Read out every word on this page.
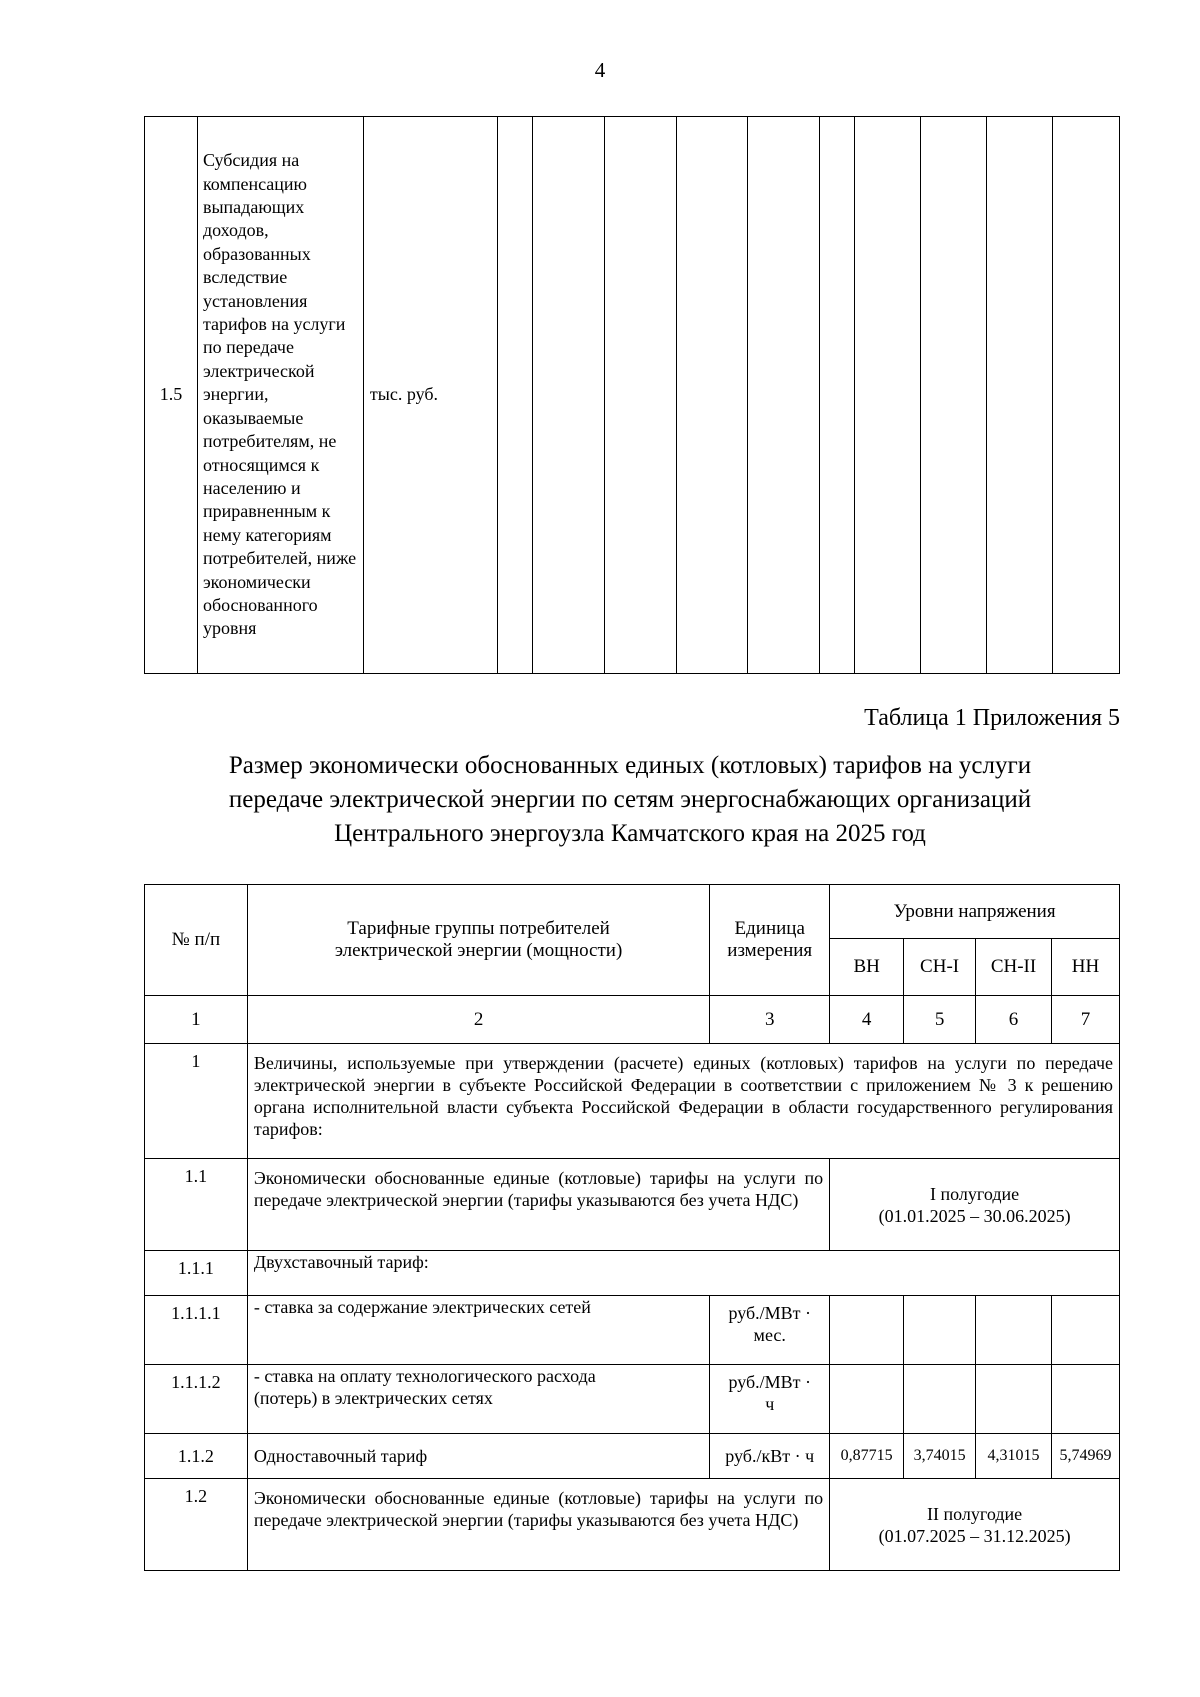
4
1.5	Субсидия на компенсацию выпадающих доходов, образованных вследствие установления тарифов на услуги по передаче электрической энергии, оказываемые потребителям, не относящимся к населению и приравненным к нему категориям потребителей, ниже экономически обоснованного уровня	тыс. руб.										
Таблица 1 Приложения 5
Размер экономически обоснованных единых (котловых) тарифов на услуги
передаче электрической энергии по сетям энергоснабжающих организаций
Центрального энергоузла Камчатского края на 2025 год
№ п/п	Тарифные группы потребителей электрической энергии (мощности)	Единица измерения	Уровни напряжения			
			ВН	СН-I	СН-II	НН
1	2	3	4	5	6	7
1	Величины, используемые при утверждении (расчете) единых (котловых) тарифов на услуги по передаче электрической энергии в субъекте Российской Федерации в соответствии с приложением № 3 к решению органа исполнительной власти субъекта Российской Федерации в области государственного регулирования тарифов:					
1.1	Экономически обоснованные единые (котловые) тарифы на услуги по передаче электрической энергии (тарифы указываются без учета НДС)		I полугодие
(01.01.2025 – 30.06.2025)			

1.1.1	Двухставочный тариф:					
1.1.1.1	- ставка за содержание электрических сетей	руб./МВт · мес.				
1.1.1.2	- ставка на оплату технологического расхода (потерь) в электрических сетях	руб./МВт · ч				
1.1.2	Одноставочный тариф	руб./кВт · ч	0,87715	3,74015	4,31015	5,74969
1.2	Экономически обоснованные единые (котловые) тарифы на услуги по передаче электрической энергии (тарифы указываются без учета НДС)		II полугодие
(01.07.2025 – 31.12.2025)			
